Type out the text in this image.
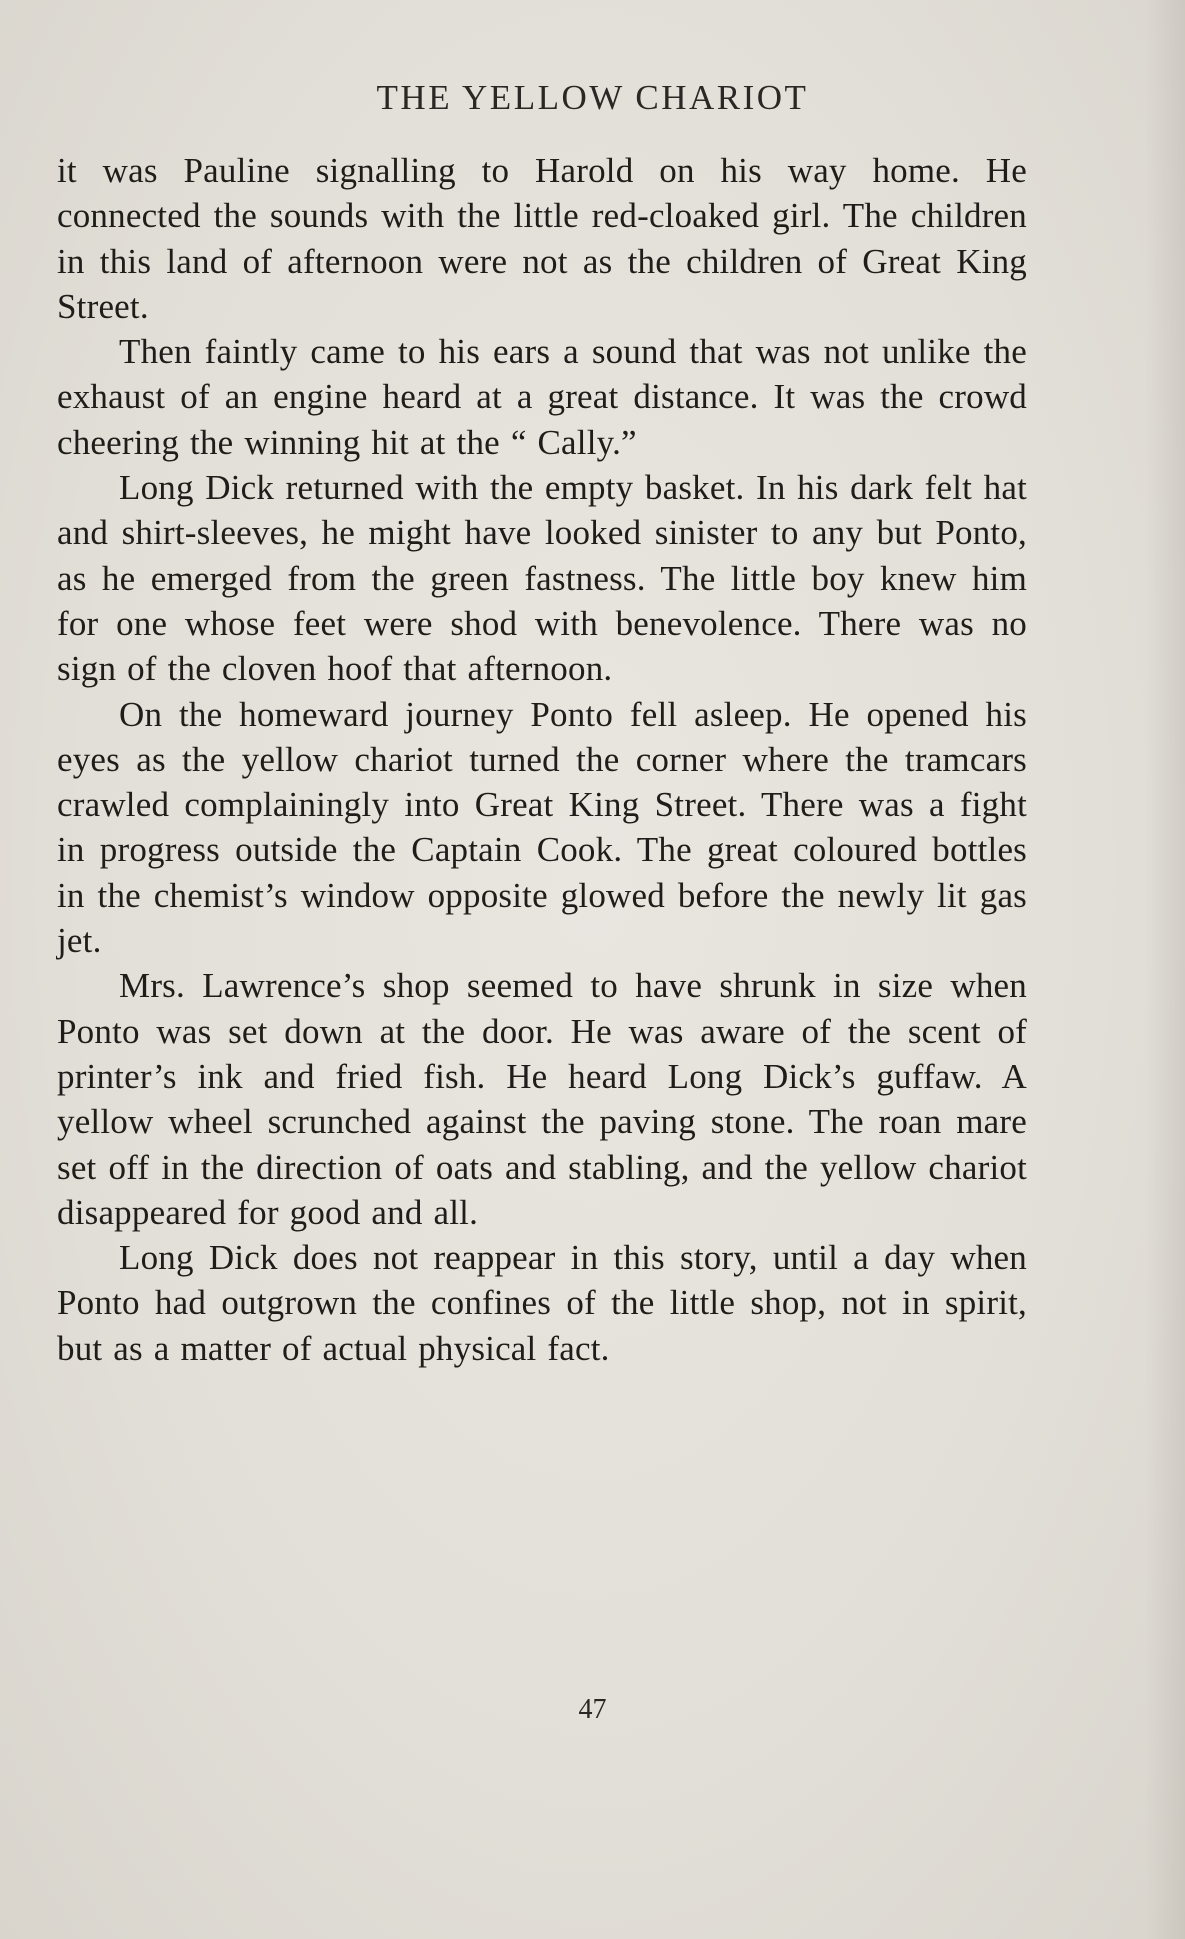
THE YELLOW CHARIOT

it was Pauline signalling to Harold on his way home. He connected the sounds with the little red-cloaked girl. The children in this land of afternoon were not as the children of Great King Street.

Then faintly came to his ears a sound that was not unlike the exhaust of an engine heard at a great distance. It was the crowd cheering the winning hit at the “ Cally.”

Long Dick returned with the empty basket. In his dark felt hat and shirt-sleeves, he might have looked sinister to any but Ponto, as he emerged from the green fastness. The little boy knew him for one whose feet were shod with benevolence. There was no sign of the cloven hoof that afternoon.

On the homeward journey Ponto fell asleep. He opened his eyes as the yellow chariot turned the corner where the tramcars crawled complainingly into Great King Street. There was a fight in progress outside the Captain Cook. The great coloured bottles in the chemist’s window opposite glowed before the newly lit gas jet.

Mrs. Lawrence’s shop seemed to have shrunk in size when Ponto was set down at the door. He was aware of the scent of printer’s ink and fried fish. He heard Long Dick’s guffaw. A yellow wheel scrunched against the paving stone. The roan mare set off in the direction of oats and stabling, and the yellow chariot disappeared for good and all.

Long Dick does not reappear in this story, until a day when Ponto had outgrown the confines of the little shop, not in spirit, but as a matter of actual physical fact.

47
